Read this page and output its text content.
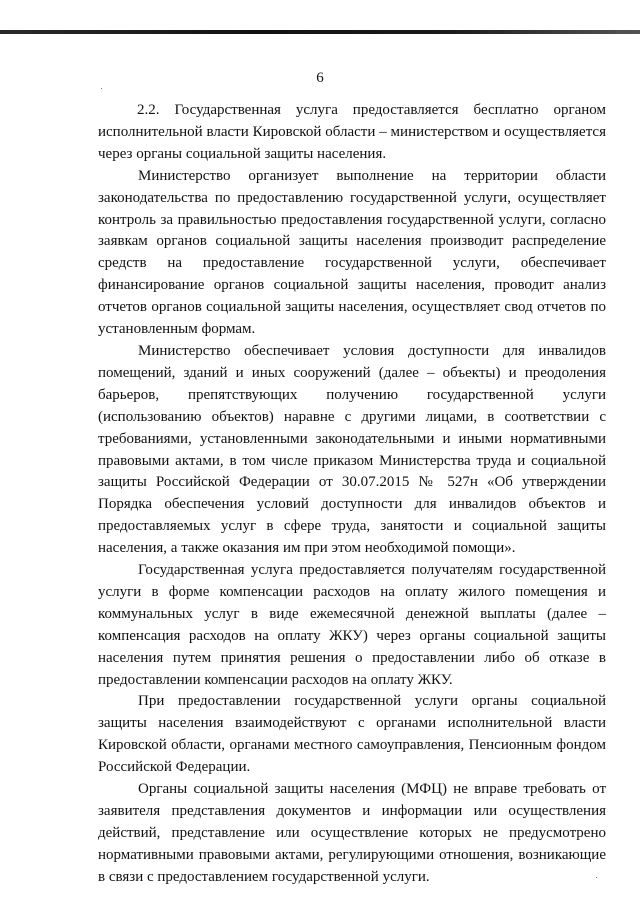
6

2.2. Государственная услуга предоставляется бесплатно органом исполнительной власти Кировской области – министерством и осуществляется через органы социальной защиты населения.

Министерство организует выполнение на территории области законодательства по предоставлению государственной услуги, осуществляет контроль за правильностью предоставления государственной услуги, согласно заявкам органов социальной защиты населения производит распределение средств на предоставление государственной услуги, обеспечивает финансирование органов социальной защиты населения, проводит анализ отчетов органов социальной защиты населения, осуществляет свод отчетов по установленным формам.

Министерство обеспечивает условия доступности для инвалидов помещений, зданий и иных сооружений (далее – объекты) и преодоления барьеров, препятствующих получению государственной услуги (использованию объектов) наравне с другими лицами, в соответствии с требованиями, установленными законодательными и иными нормативными правовыми актами, в том числе приказом Министерства труда и социальной защиты Российской Федерации от 30.07.2015 № 527н «Об утверждении Порядка обеспечения условий доступности для инвалидов объектов и предоставляемых услуг в сфере труда, занятости и социальной защиты населения, а также оказания им при этом необходимой помощи».

Государственная услуга предоставляется получателям государственной услуги в форме компенсации расходов на оплату жилого помещения и коммунальных услуг в виде ежемесячной денежной выплаты (далее – компенсация расходов на оплату ЖКУ) через органы социальной защиты населения путем принятия решения о предоставлении либо об отказе в предоставлении компенсации расходов на оплату ЖКУ.

При предоставлении государственной услуги органы социальной защиты населения взаимодействуют с органами исполнительной власти Кировской области, органами местного самоуправления, Пенсионным фондом Российской Федерации.

Органы социальной защиты населения (МФЦ) не вправе требовать от заявителя представления документов и информации или осуществления действий, представление или осуществление которых не предусмотрено нормативными правовыми актами, регулирующими отношения, возникающие в связи с предоставлением государственной услуги.
